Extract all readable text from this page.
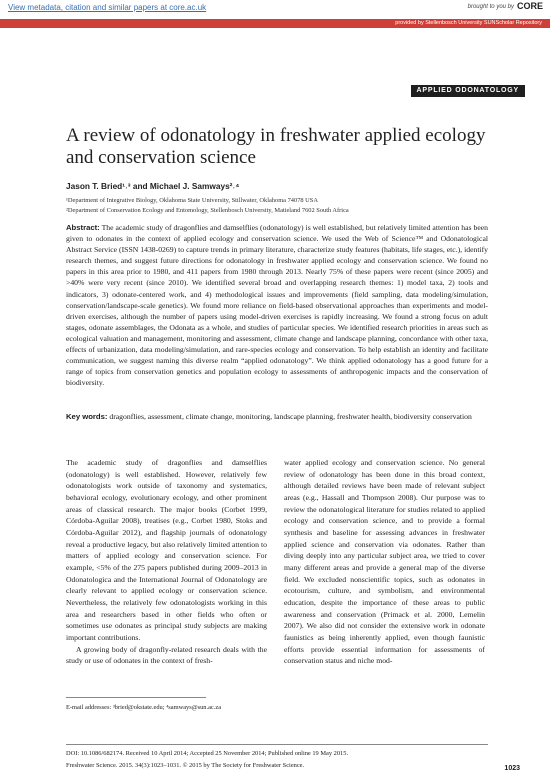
View metadata, citation and similar papers at core.ac.uk	brought to you by CORE
provided by Stellenbosch University SUNScholar Repository
APPLIED ODONATOLOGY
A review of odonatology in freshwater applied ecology and conservation science
Jason T. Bried¹˒³ and Michael J. Samways²˒⁴
¹Department of Integrative Biology, Oklahoma State University, Stillwater, Oklahoma 74078 USA
²Department of Conservation Ecology and Entomology, Stellenbosch University, Matieland 7602 South Africa
Abstract: The academic study of dragonflies and damselflies (odonatology) is well established, but relatively limited attention has been given to odonates in the context of applied ecology and conservation science. We used the Web of Science™ and Odonatological Abstract Service (ISSN 1438-0269) to capture trends in primary literature, characterize study features (habitats, life stages, etc.), identify research themes, and suggest future directions for odonatology in freshwater applied ecology and conservation science. We found no papers in this area prior to 1980, and 411 papers from 1980 through 2013. Nearly 75% of these papers were recent (since 2005) and >40% were very recent (since 2010). We identified several broad and overlapping research themes: 1) model taxa, 2) tools and indicators, 3) odonate-centered work, and 4) methodological issues and improvements (field sampling, data modeling/simulation, conservation/landscape-scale genetics). We found more reliance on field-based observational approaches than experiments and model-driven exercises, although the number of papers using model-driven exercises is rapidly increasing. We found a strong focus on adult stages, odonate assemblages, the Odonata as a whole, and studies of particular species. We identified research priorities in areas such as ecological valuation and management, monitoring and assessment, climate change and landscape planning, concordance with other taxa, effects of urbanization, data modeling/simulation, and rare-species ecology and conservation. To help establish an identity and facilitate communication, we suggest naming this diverse realm “applied odonatology”. We think applied odonatology has a good future for a range of topics from conservation genetics and population ecology to assessments of anthropogenic impacts and the conservation of biodiversity.
Key words: dragonflies, assessment, climate change, monitoring, landscape planning, freshwater health, biodiversity conservation

The academic study of dragonflies and damselflies (odonatology) is well established. However, relatively few odonatologists work outside of taxonomy and systematics, behavioral ecology, evolutionary ecology, and other prominent areas of classical research. The major books (Corbet 1999, Córdoba-Aguilar 2008), treatises (e.g., Corbet 1980, Stoks and Córdoba-Aguilar 2012), and flagship journals of odonatology reveal a productive legacy, but also relatively limited attention to matters of applied ecology and conservation science. For example, <5% of the 275 papers published during 2009–2013 in Odonatologica and the International Journal of Odonatology are clearly relevant to applied ecology or conservation science. Nevertheless, the relatively few odonatologists working in this area and researchers based in other fields who often or sometimes use odonates as principal study subjects are making important contributions.

A growing body of dragonfly-related research deals with the study or use of odonates in the context of fresh-

water applied ecology and conservation science. No general review of odonatology has been done in this broad context, although detailed reviews have been made of relevant subject areas (e.g., Hassall and Thompson 2008). Our purpose was to review the odonatological literature for studies related to applied ecology and conservation science, and to provide a formal synthesis and baseline for assessing advances in freshwater applied science and conservation via odonates. Rather than diving deeply into any particular subject area, we tried to cover many different areas and provide a general map of the diverse field. We excluded nonscientific topics, such as odonates in ecotourism, culture, and symbolism, and environmental education, despite the importance of these areas to public awareness and conservation (Primack et al. 2000, Lemelin 2007). We also did not consider the extensive work in odonate faunistics as being inherently applied, even though faunistic efforts provide essential information for assessments of conservation status and niche mod-

E-mail addresses: ³bried@okstate.edu; ⁴samways@sun.ac.za
DOI: 10.1086/682174. Received 10 April 2014; Accepted 25 November 2014; Published online 19 May 2015.
Freshwater Science. 2015. 34(3):1023–1031. © 2015 by The Society for Freshwater Science.	1023
